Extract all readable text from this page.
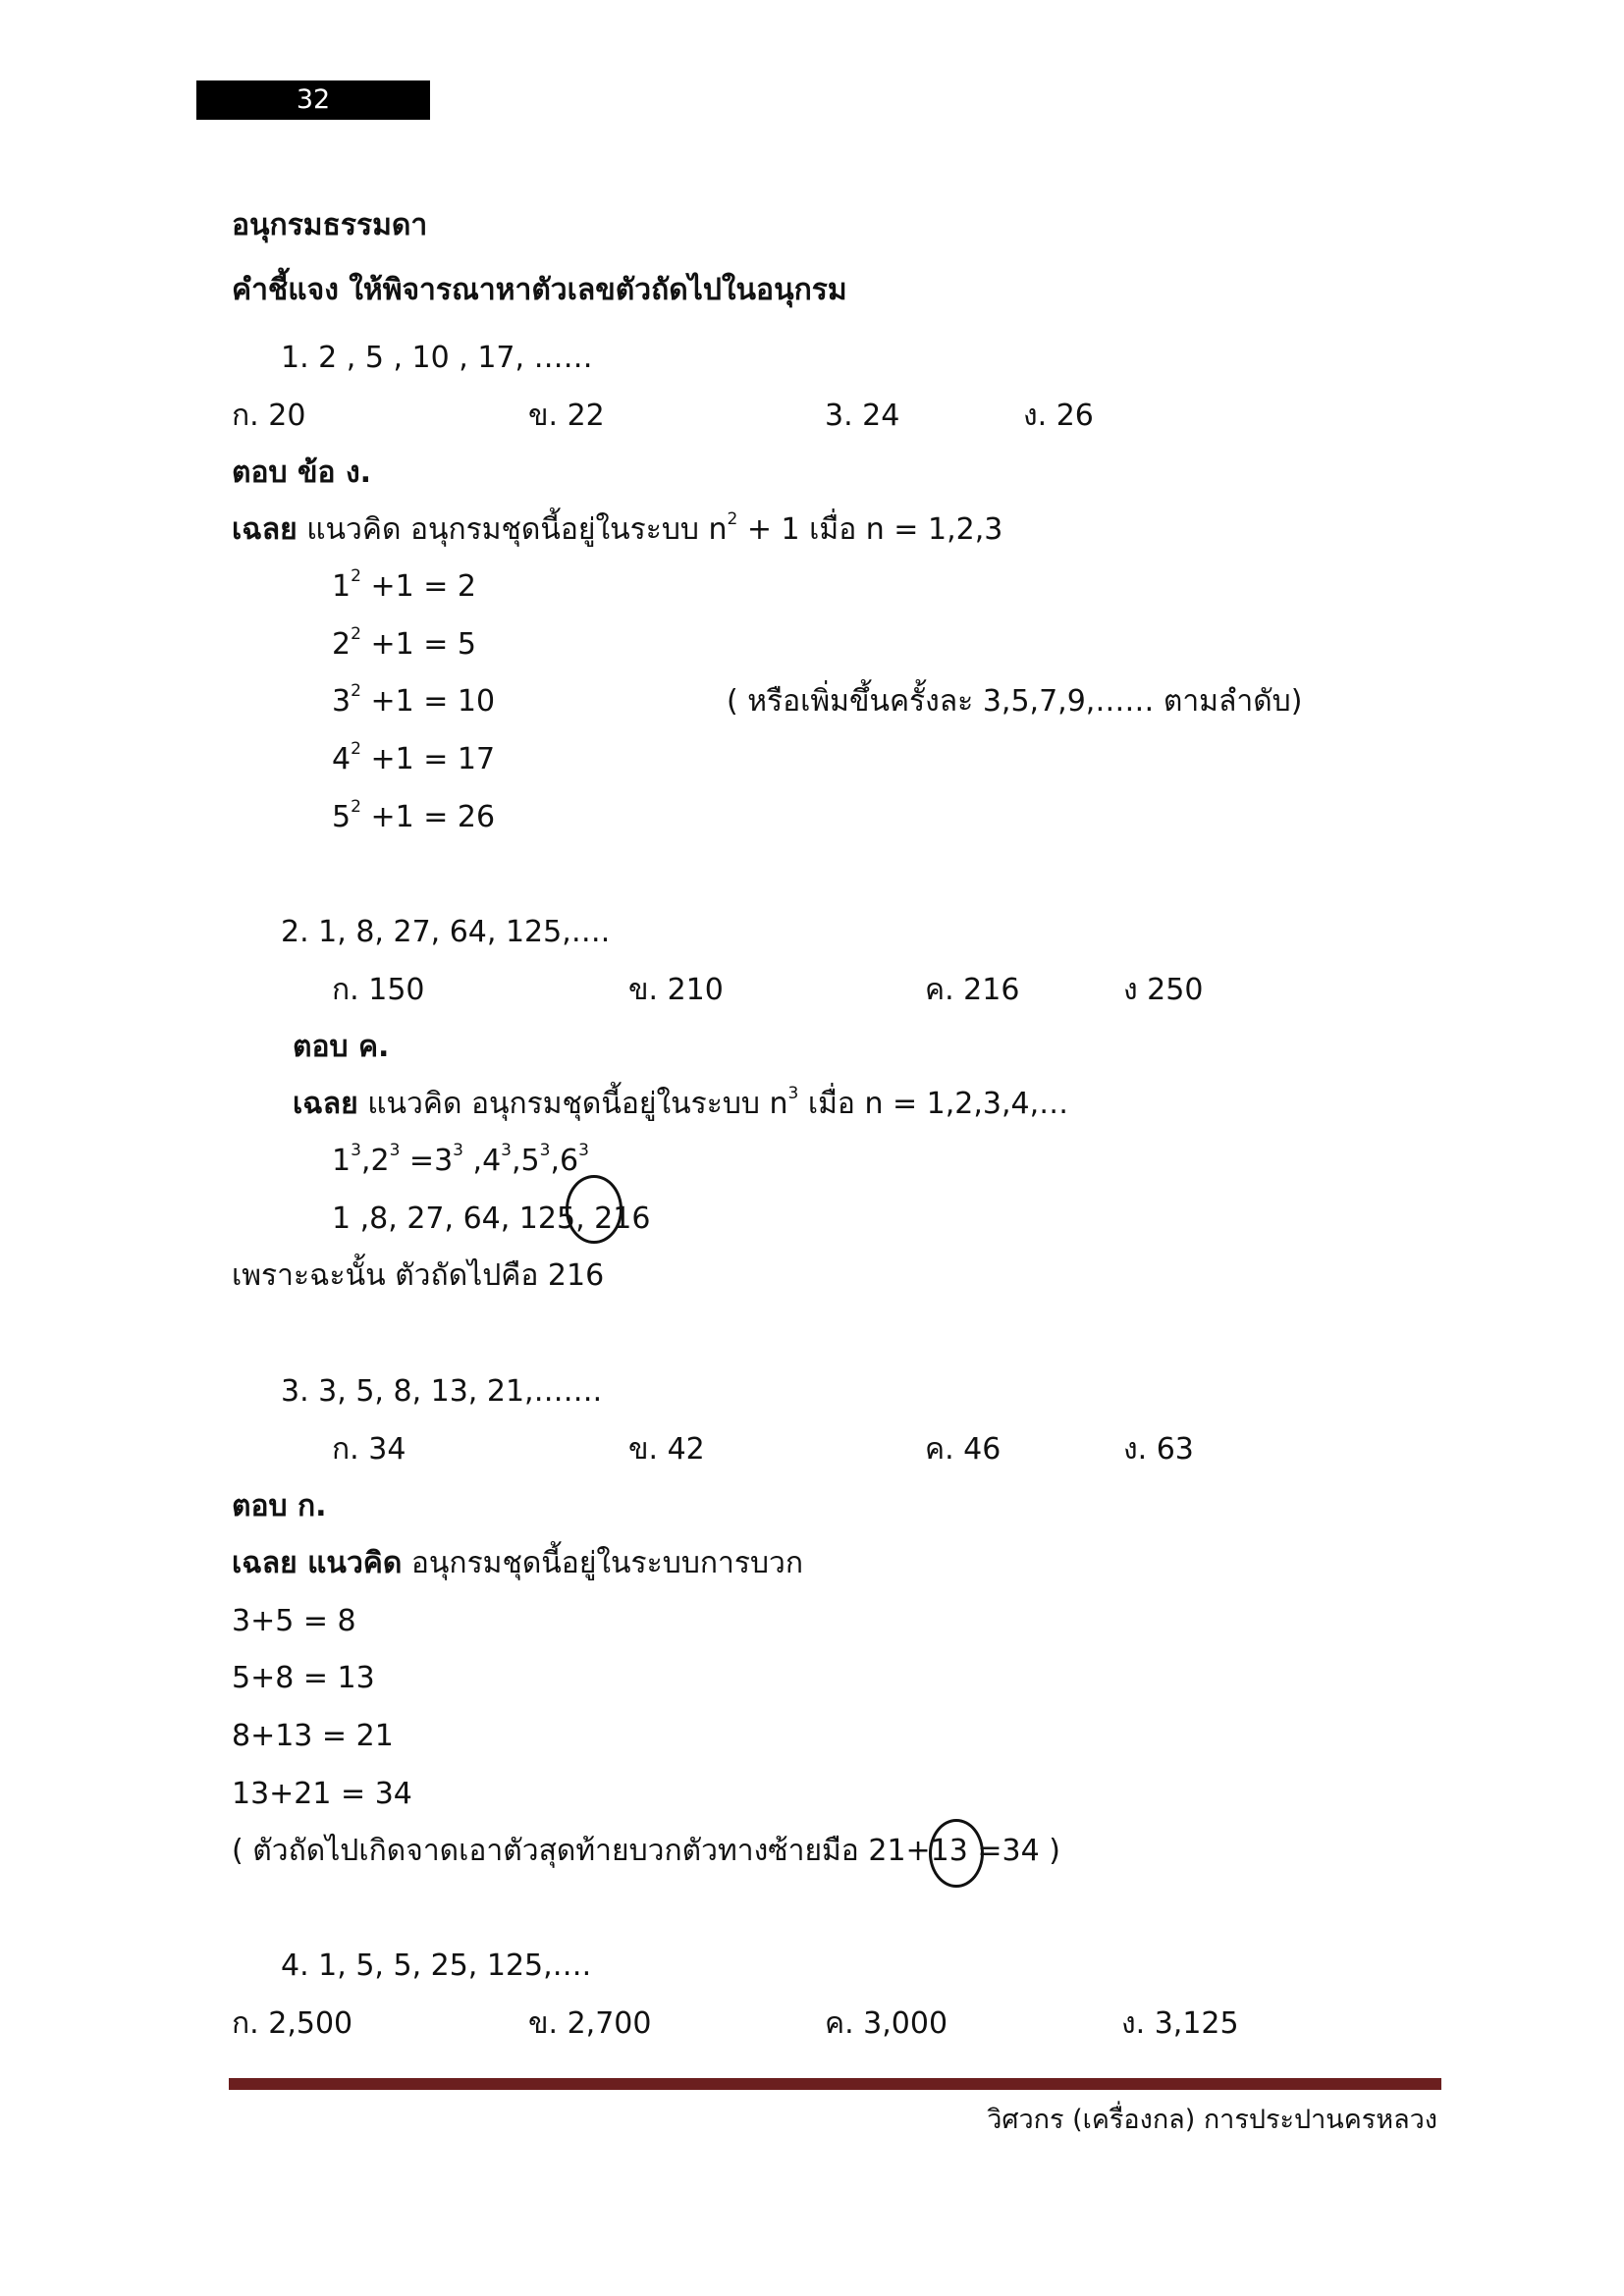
32
อนุกรมธรรมดา
คำชี้แจง ให้พิจารณาหาตัวเลขตัวถัดไปในอนุกรม
1. 2 , 5 , 10 , 17, ……
ก. 20	ข. 22	3. 24	ง. 26
ตอบ ข้อ ง.
เฉลย แนวคิด อนุกรมชุดนี้อยู่ในระบบ $n^2 + 1$ เมื่อ n = 1,2,3
$1^2 +1 = 2$
$2^2 +1 = 5$
$3^2 +1 = 10$
$4^2 +1 = 17$
$5^2 +1 = 26$
( หรือเพิ่มขึ้นครั้งละ 3,5,7,9,…… ตามลำดับ)
2. 1, 8, 27, 64, 125,….
ก. 150	ข. 210	ค. 216	ง 250
ตอบ ค.
เฉลย แนวคิด อนุกรมชุดนี้อยู่ในระบบ $n^3$ เมื่อ n = 1,2,3,4,…
$1^3,2^3 =3^3$ $,4^3,5^3,6^3$
1 ,8, 27, 64, 125, 216
เพราะฉะนั้น ตัวถัดไปคือ 216
3. 3, 5, 8, 13, 21,…….
ก. 34	ข. 42	ค. 46	ง. 63
ตอบ ก.
เฉลย แนวคิด อนุกรมชุดนี้อยู่ในระบบการบวก
3+5 = 8
5+8 = 13
8+13 = 21
13+21 = 34
( ตัวถัดไปเกิดจาดเอาตัวสุดท้ายบวกตัวทางซ้ายมือ 21+13 =34 )
4. 1, 5, 5, 25, 125,….
ก. 2,500	ข. 2,700	ค. 3,000	ง. 3,125
วิศวกร (เครื่องกล) การประปานครหลวง
